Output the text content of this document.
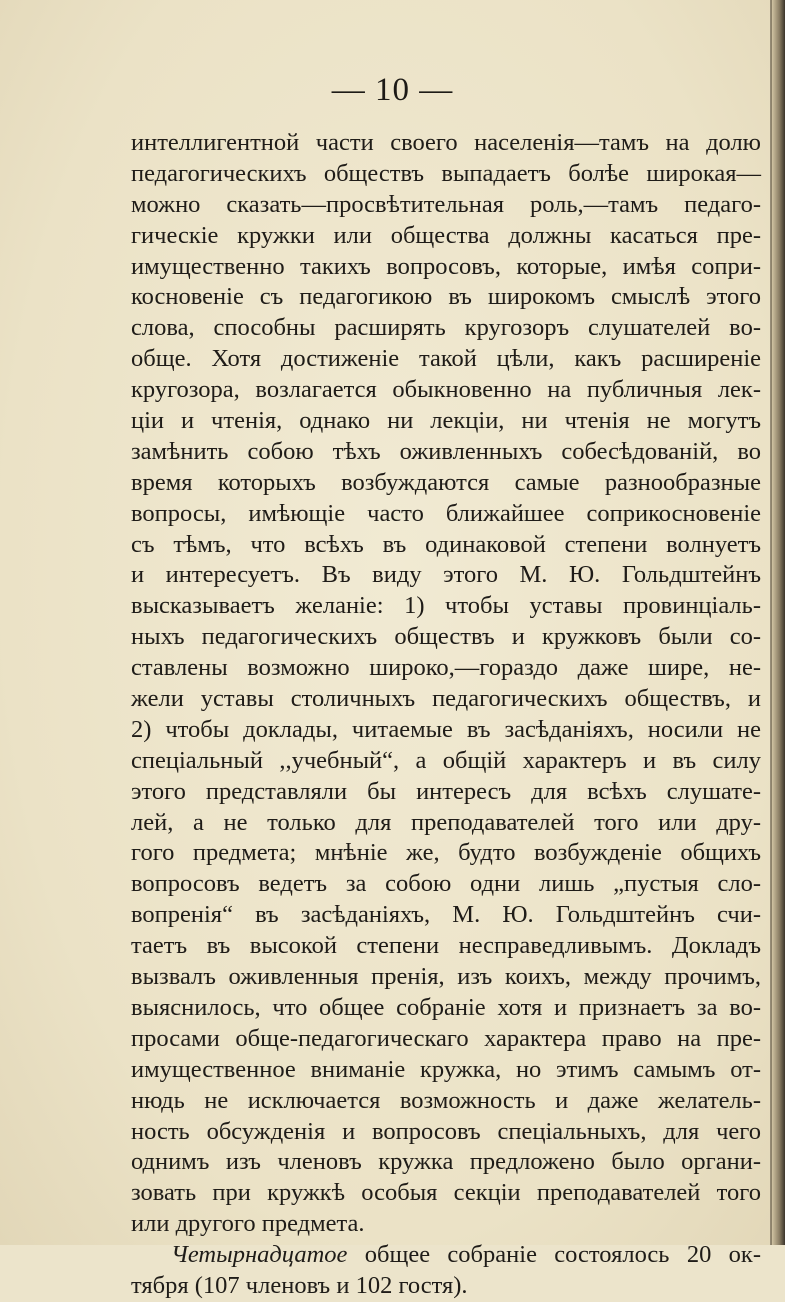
— 10 —
интеллигентной части своего населенія—тамъ на долю
педагогическихъ обществъ выпадаетъ болѣе широкая—
можно сказать—просвѣтительная роль,—тамъ педаго-
гическіе кружки или общества должны касаться пре-
имущественно такихъ вопросовъ, которые, имѣя сопри-
косновеніе съ педагогикою въ широкомъ смыслѣ этого
слова, способны расширять кругозоръ слушателей во-
обще. Хотя достиженіе такой цѣли, какъ расширеніе
кругозора, возлагается обыкновенно на публичныя лек-
ціи и чтенія, однако ни лекціи, ни чтенія не могутъ
замѣнить собою тѣхъ оживленныхъ собесѣдованій, во
время которыхъ возбуждаются самые разнообразные
вопросы, имѣющіе часто ближайшее соприкосновеніе
съ тѣмъ, что всѣхъ въ одинаковой степени волнуетъ
и интересуетъ. Въ виду этого М. Ю. Гольдштейнъ
высказываетъ желаніе: 1) чтобы уставы провинціаль-
ныхъ педагогическихъ обществъ и кружковъ были со-
ставлены возможно широко,—гораздо даже шире, не-
жели уставы столичныхъ педагогическихъ обществъ, и
2) чтобы доклады, читаемые въ засѣданіяхъ, носили не
спеціальный ,,учебный“, а общій характеръ и въ силу
этого представляли бы интересъ для всѣхъ слушате-
лей, а не только для преподавателей того или дру-
гого предмета; мнѣніе же, будто возбужденіе общихъ
вопросовъ ведетъ за собою одни лишь „пустыя сло-
вопренія“ въ засѣданіяхъ, М. Ю. Гольдштейнъ счи-
таетъ въ высокой степени несправедливымъ. Докладъ
вызвалъ оживленныя пренія, изъ коихъ, между прочимъ,
выяснилось, что общее собраніе хотя и признаетъ за во-
просами обще-педагогическаго характера право на пре-
имущественное вниманіе кружка, но этимъ самымъ от-
нюдь не исключается возможность и даже желатель-
ность обсужденія и вопросовъ спеціальныхъ, для чего
однимъ изъ членовъ кружка предложено было органи-
зовать при кружкѣ особыя секціи преподавателей того
или другого предмета.
Четырнадцатое общее собраніе состоялось 20 ок-
тября (107 членовъ и 102 гостя).
